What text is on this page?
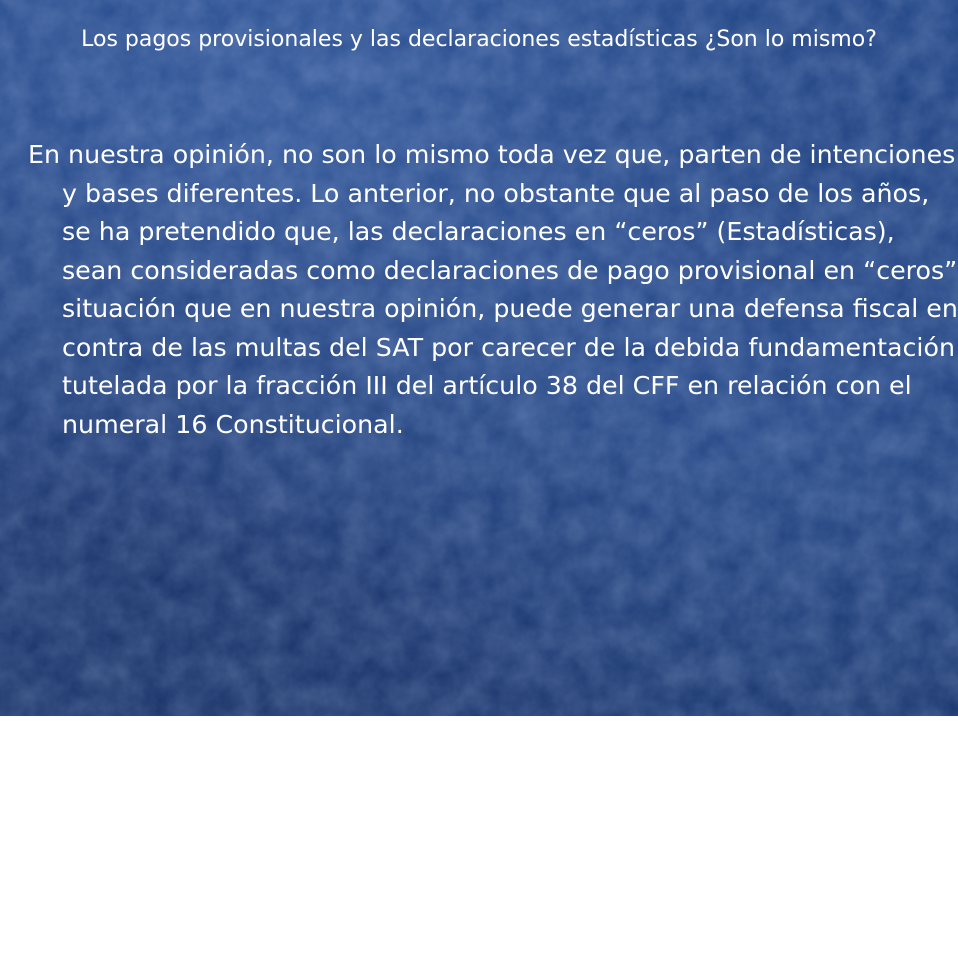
Los pagos provisionales y las declaraciones estadísticas ¿Son lo mismo?

En nuestra opinión, no son lo mismo toda vez que, parten de intenciones y bases diferentes. Lo anterior, no obstante que al paso de los años, se ha pretendido que, las declaraciones en “ceros” (Estadísticas), sean consideradas como declaraciones de pago provisional en “ceros” situación que en nuestra opinión, puede generar una defensa fiscal en contra de las multas del SAT por carecer de la debida fundamentación tutelada por la fracción III del artículo 38 del CFF en relación con el numeral 16 Constitucional.
